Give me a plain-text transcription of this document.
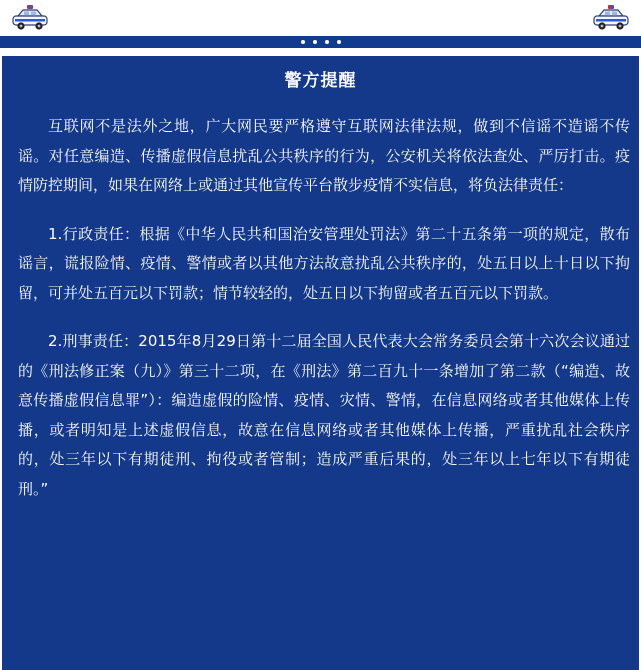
警方提醒

互联网不是法外之地，广大网民要严格遵守互联网法律法规，做到不信谣不造谣不传谣。对任意编造、传播虚假信息扰乱公共秩序的行为，公安机关将依法查处、严厉打击。疫情防控期间，如果在网络上或通过其他宣传平台散步疫情不实信息，将负法律责任：

1.行政责任：根据《中华人民共和国治安管理处罚法》第二十五条第一项的规定，散布谣言，谎报险情、疫情、警情或者以其他方法故意扰乱公共秩序的，处五日以上十日以下拘留，可并处五百元以下罚款；情节较轻的，处五日以下拘留或者五百元以下罚款。

2.刑事责任：2015年8月29日第十二届全国人民代表大会常务委员会第十六次会议通过的《刑法修正案（九）》第三十二项，在《刑法》第二百九十一条增加了第二款（“编造、故意传播虚假信息罪”）：编造虚假的险情、疫情、灾情、警情，在信息网络或者其他媒体上传播，或者明知是上述虚假信息，故意在信息网络或者其他媒体上传播，严重扰乱社会秩序的，处三年以下有期徒刑、拘役或者管制；造成严重后果的，处三年以上七年以下有期徒刑。”
